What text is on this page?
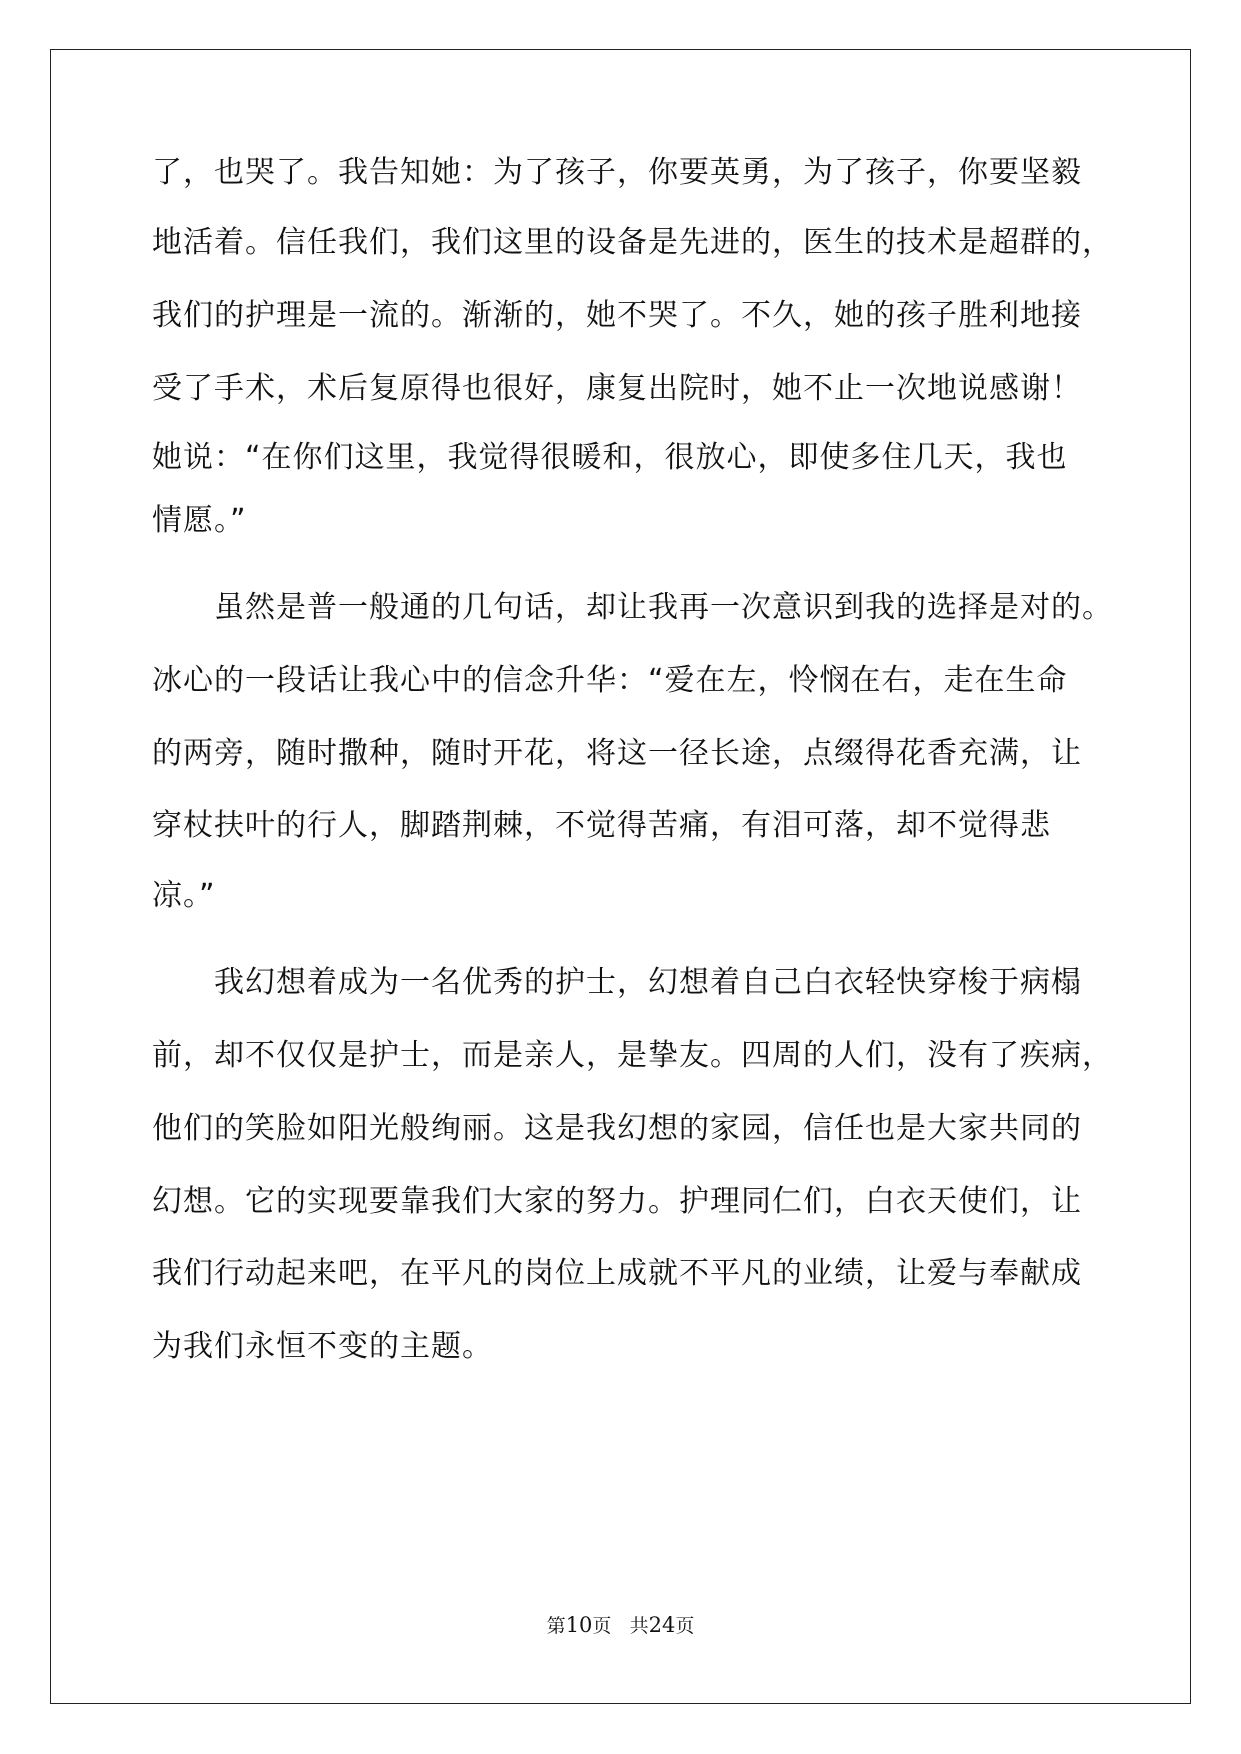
了，也哭了。我告知她：为了孩子，你要英勇，为了孩子，你要坚毅
地活着。信任我们，我们这里的设备是先进的，医生的技术是超群的，
我们的护理是一流的。渐渐的，她不哭了。不久，她的孩子胜利地接
受了手术，术后复原得也很好，康复出院时，她不止一次地说感谢！
她说：“在你们这里，我觉得很暖和，很放心，即使多住几天，我也
情愿。”
虽然是普一般通的几句话，却让我再一次意识到我的选择是对的。
冰心的一段话让我心中的信念升华：“爱在左，怜悯在右，走在生命
的两旁，随时撒种，随时开花，将这一径长途，点缀得花香充满，让
穿杖扶叶的行人，脚踏荆棘，不觉得苦痛，有泪可落，却不觉得悲
凉。”
我幻想着成为一名优秀的护士，幻想着自己白衣轻快穿梭于病榻
前，却不仅仅是护士，而是亲人，是挚友。四周的人们，没有了疾病，
他们的笑脸如阳光般绚丽。这是我幻想的家园，信任也是大家共同的
幻想。它的实现要靠我们大家的努力。护理同仁们，白衣天使们，让
我们行动起来吧，在平凡的岗位上成就不平凡的业绩，让爱与奉献成
为我们永恒不变的主题。
第10页 共24页
